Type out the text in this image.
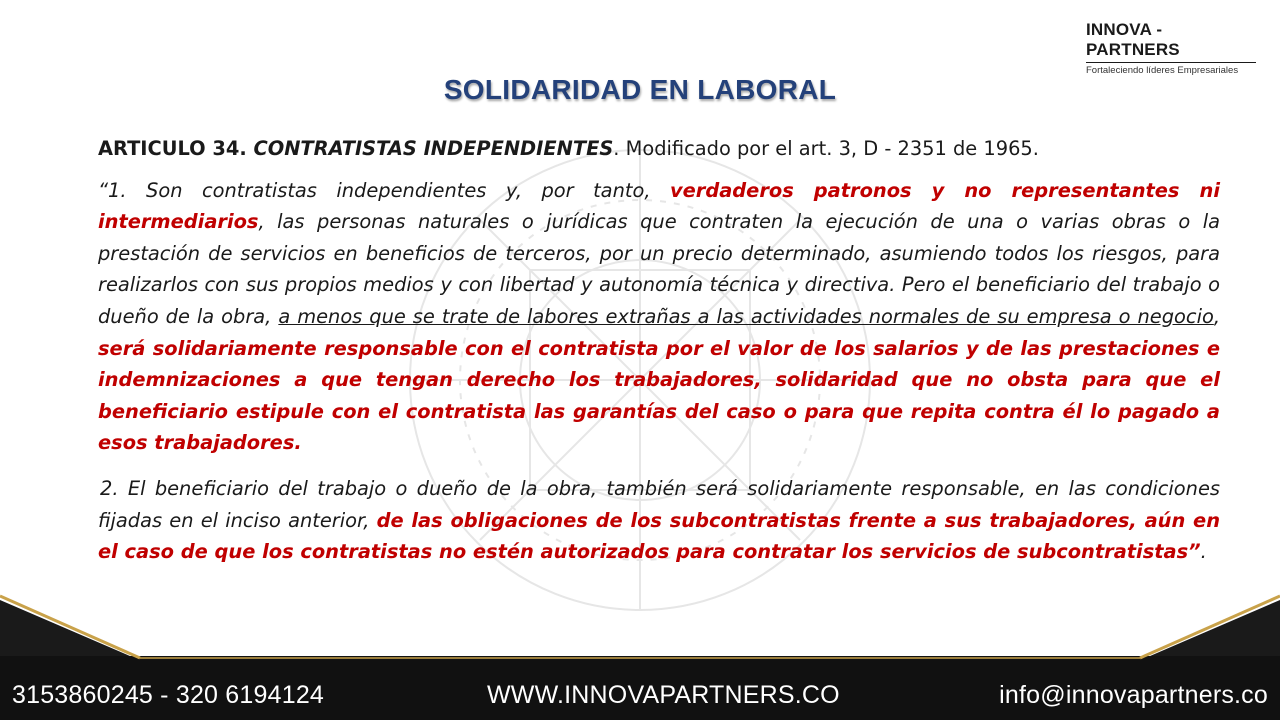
INNOVA - PARTNERS
Fortaleciendo líderes Empresariales
SOLIDARIDAD EN LABORAL

ARTICULO 34. CONTRATISTAS INDEPENDIENTES. Modificado por el art. 3, D - 2351 de 1965.

“1. Son contratistas independientes y, por tanto, verdaderos patronos y no representantes ni intermediarios, las personas naturales o jurídicas que contraten la ejecución de una o varias obras o la prestación de servicios en beneficios de terceros, por un precio determinado, asumiendo todos los riesgos, para realizarlos con sus propios medios y con libertad y autonomía técnica y directiva. Pero el beneficiario del trabajo o dueño de la obra, a menos que se trate de labores extrañas a las actividades normales de su empresa o negocio, será solidariamente responsable con el contratista por el valor de los salarios y de las prestaciones e indemnizaciones a que tengan derecho los trabajadores, solidaridad que no obsta para que el beneficiario estipule con el contratista las garantías del caso o para que repita contra él lo pagado a esos trabajadores.

2. El beneficiario del trabajo o dueño de la obra, también será solidariamente responsable, en las condiciones fijadas en el inciso anterior, de las obligaciones de los subcontratistas frente a sus trabajadores, aún en el caso de que los contratistas no estén autorizados para contratar los servicios de subcontratistas”.

3153860245 - 320 6194124	WWW.INNOVAPARTNERS.CO	info@innovapartners.co
